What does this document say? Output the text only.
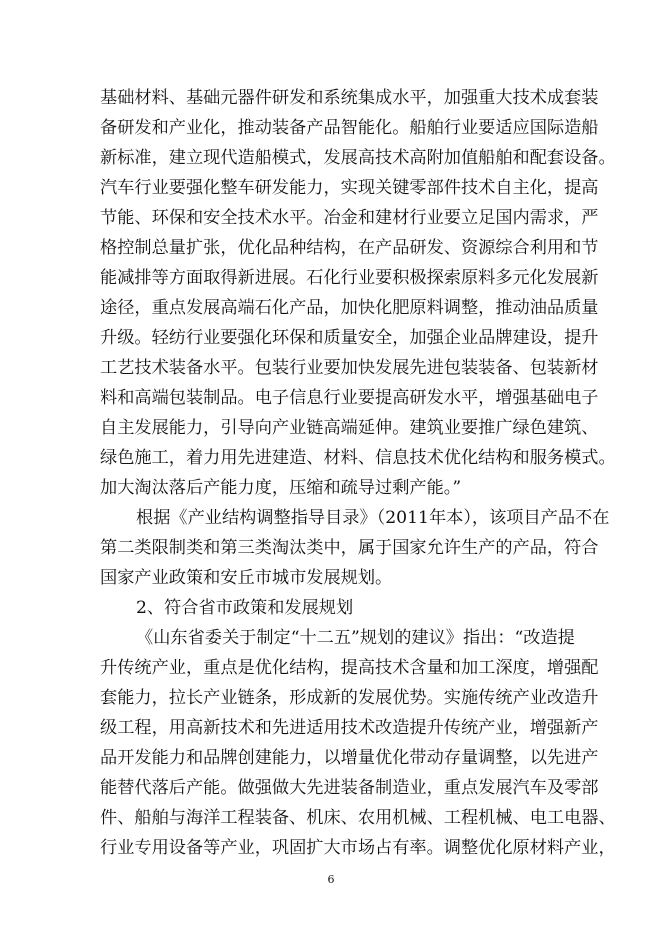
基础材料、基础元器件研发和系统集成水平，加强重大技术成套装
备研发和产业化，推动装备产品智能化。船舶行业要适应国际造船
新标准，建立现代造船模式，发展高技术高附加值船舶和配套设备。
汽车行业要强化整车研发能力，实现关键零部件技术自主化，提高
节能、环保和安全技术水平。冶金和建材行业要立足国内需求，严
格控制总量扩张，优化品种结构，在产品研发、资源综合利用和节
能减排等方面取得新进展。石化行业要积极探索原料多元化发展新
途径，重点发展高端石化产品，加快化肥原料调整，推动油品质量
升级。轻纺行业要强化环保和质量安全，加强企业品牌建设，提升
工艺技术装备水平。包装行业要加快发展先进包装装备、包装新材
料和高端包装制品。电子信息行业要提高研发水平，增强基础电子
自主发展能力，引导向产业链高端延伸。建筑业要推广绿色建筑、
绿色施工，着力用先进建造、材料、信息技术优化结构和服务模式。
加大淘汰落后产能力度，压缩和疏导过剩产能。”
根据《产业结构调整指导目录》（2011年本），该项目产品不在
第二类限制类和第三类淘汰类中，属于国家允许生产的产品，符合
国家产业政策和安丘市城市发展规划。
2、符合省市政策和发展规划
《山东省委关于制定“十二五”规划的建议》指出：“改造提
升传统产业，重点是优化结构，提高技术含量和加工深度，增强配
套能力，拉长产业链条，形成新的发展优势。实施传统产业改造升
级工程，用高新技术和先进适用技术改造提升传统产业，增强新产
品开发能力和品牌创建能力，以增量优化带动存量调整，以先进产
能替代落后产能。做强做大先进装备制造业，重点发展汽车及零部
件、船舶与海洋工程装备、机床、农用机械、工程机械、电工电器、
行业专用设备等产业，巩固扩大市场占有率。调整优化原材料产业，
6
